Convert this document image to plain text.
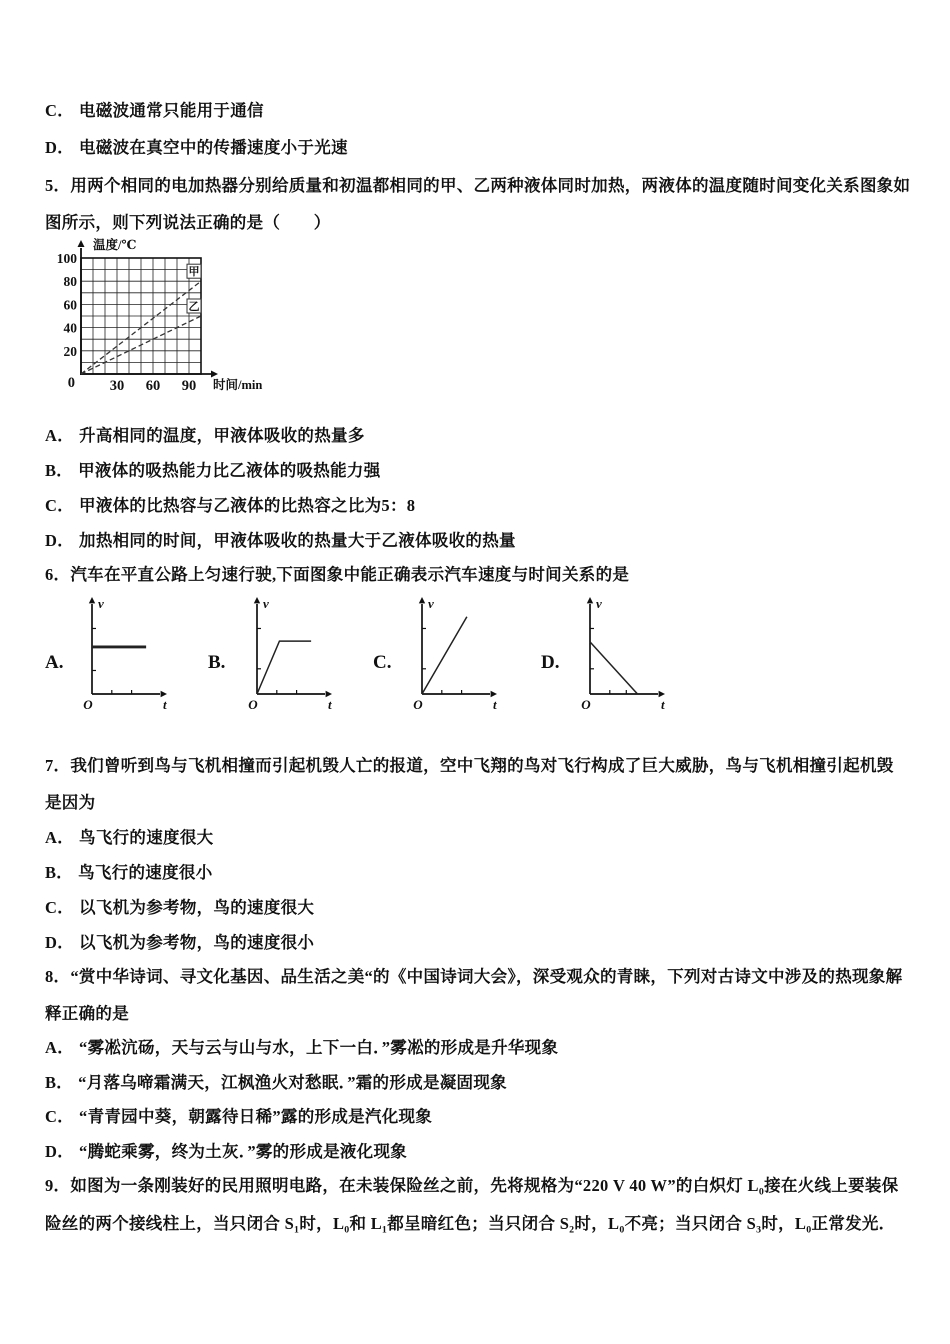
C． 电磁波通常只能用于通信
D． 电磁波在真空中的传播速度小于光速
5．用两个相同的电加热器分别给质量和初温都相同的甲、乙两种液体同时加热，两液体的温度随时间变化关系图象如
图所示，则下列说法正确的是（　　）
20
40
60
80
100
30 60 90
0
温度/℃
时间/min
甲
乙
A． 升高相同的温度，甲液体吸收的热量多
B． 甲液体的吸热能力比乙液体的吸热能力强
C． 甲液体的比热容与乙液体的比热容之比为5：8
D． 加热相同的时间，甲液体吸收的热量大于乙液体吸收的热量
6．汽车在平直公路上匀速行驶,下面图象中能正确表示汽车速度与时间关系的是
A.
v
t
O
B.
v
t
O
C.
v
t
O
D.
v
t
O
7．我们曾听到鸟与飞机相撞而引起机毁人亡的报道，空中飞翔的鸟对飞行构成了巨大威胁，鸟与飞机相撞引起机毁
是因为
A． 鸟飞行的速度很大
B． 鸟飞行的速度很小
C． 以飞机为参考物，鸟的速度很大
D． 以飞机为参考物，鸟的速度很小
8．“赏中华诗词、寻文化基因、品生活之美“的《中国诗词大会》，深受观众的青睐，下列对古诗文中涉及的热现象解
释正确的是
A． “雾凇沆砀，天与云与山与水，上下一白．”雾凇的形成是升华现象
B． “月落乌啼霜满天，江枫渔火对愁眠．”霜的形成是凝固现象
C． “青青园中葵，朝露待日稀”露的形成是汽化现象
D． “腾蛇乘雾，终为土灰．”雾的形成是液化现象
9．如图为一条刚装好的民用照明电路，在未装保险丝之前，先将规格为“220 V 40 W”的白炽灯 L₀接在火线上要装保
险丝的两个接线柱上，当只闭合 S₁时，L₀和 L₁都呈暗红色；当只闭合 S₂时，L₀不亮；当只闭合 S₃时，L₀正常发光．
